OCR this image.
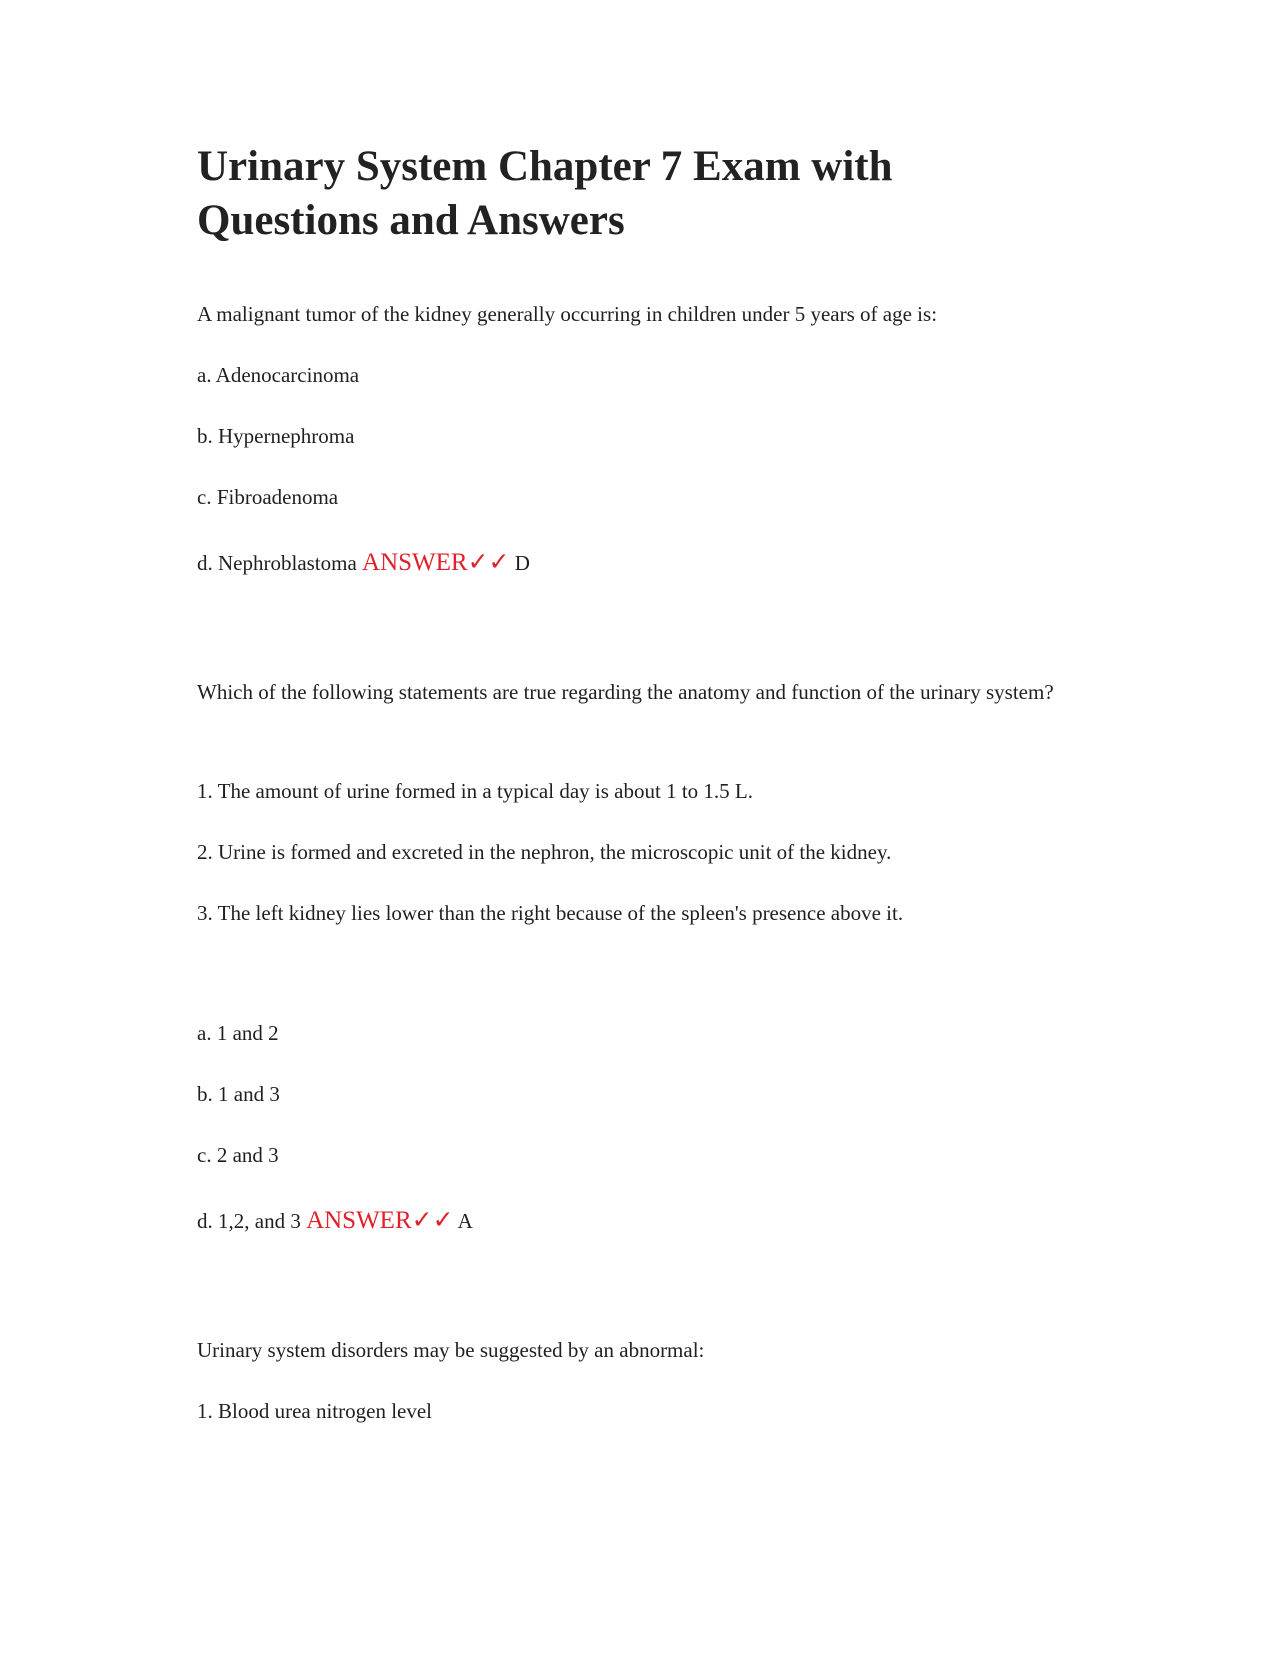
Urinary System Chapter 7 Exam with Questions and Answers

A malignant tumor of the kidney generally occurring in children under 5 years of age is:

a. Adenocarcinoma

b. Hypernephroma

c. Fibroadenoma

d. Nephroblastoma ANSWER✓✓ D

Which of the following statements are true regarding the anatomy and function of the urinary system?

1. The amount of urine formed in a typical day is about 1 to 1.5 L.

2. Urine is formed and excreted in the nephron, the microscopic unit of the kidney.

3. The left kidney lies lower than the right because of the spleen's presence above it.

a. 1 and 2

b. 1 and 3

c. 2 and 3

d. 1,2, and 3 ANSWER✓✓ A

Urinary system disorders may be suggested by an abnormal:

1. Blood urea nitrogen level
